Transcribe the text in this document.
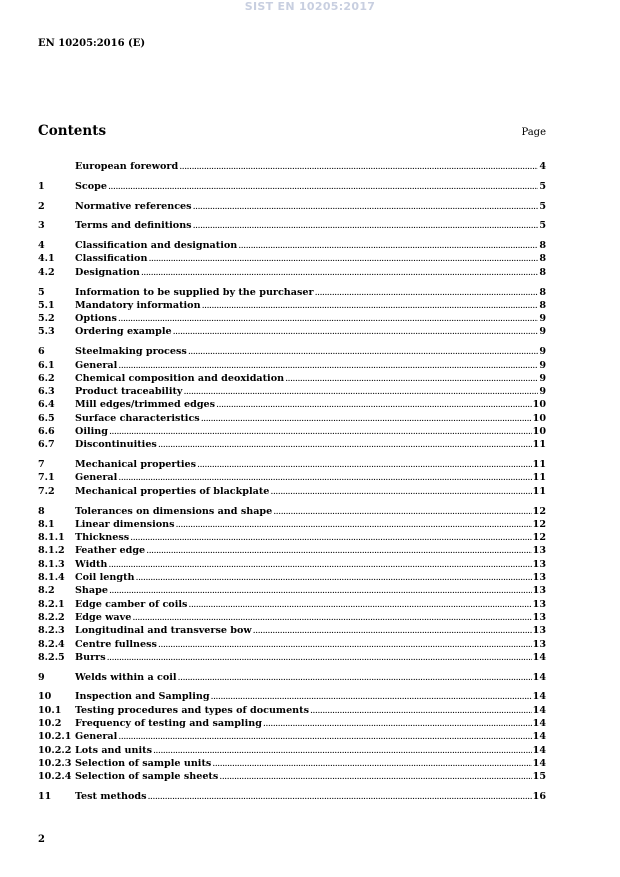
SIST EN 10205:2017
EN 10205:2016 (E)
Contents	Page
European foreword .....	4
1	Scope .....	5
2	Normative references .....	5
3	Terms and definitions .....	5
4	Classification and designation .....	8
4.1	Classification .....	8
4.2	Designation .....	8
5	Information to be supplied by the purchaser .....	8
5.1	Mandatory information .....	8
5.2	Options .....	9
5.3	Ordering example .....	9
6	Steelmaking process .....	9
6.1	General .....	9
6.2	Chemical composition and deoxidation .....	9
6.3	Product traceability .....	9
6.4	Mill edges/trimmed edges .....	10
6.5	Surface characteristics .....	10
6.6	Oiling .....	10
6.7	Discontinuities .....	11
7	Mechanical properties .....	11
7.1	General .....	11
7.2	Mechanical properties of blackplate .....	11
8	Tolerances on dimensions and shape .....	12
8.1	Linear dimensions .....	12
8.1.1	Thickness .....	12
8.1.2	Feather edge .....	13
8.1.3	Width .....	13
8.1.4	Coil length .....	13
8.2	Shape .....	13
8.2.1	Edge camber of coils .....	13
8.2.2	Edge wave .....	13
8.2.3	Longitudinal and transverse bow .....	13
8.2.4	Centre fullness .....	13
8.2.5	Burrs .....	14
9	Welds within a coil .....	14
10	Inspection and Sampling .....	14
10.1	Testing procedures and types of documents .....	14
10.2	Frequency of testing and sampling .....	14
10.2.1 General .....	14
10.2.2 Lots and units .....	14
10.2.3 Selection of sample units .....	14
10.2.4 Selection of sample sheets .....	15
11	Test methods .....	16
2
